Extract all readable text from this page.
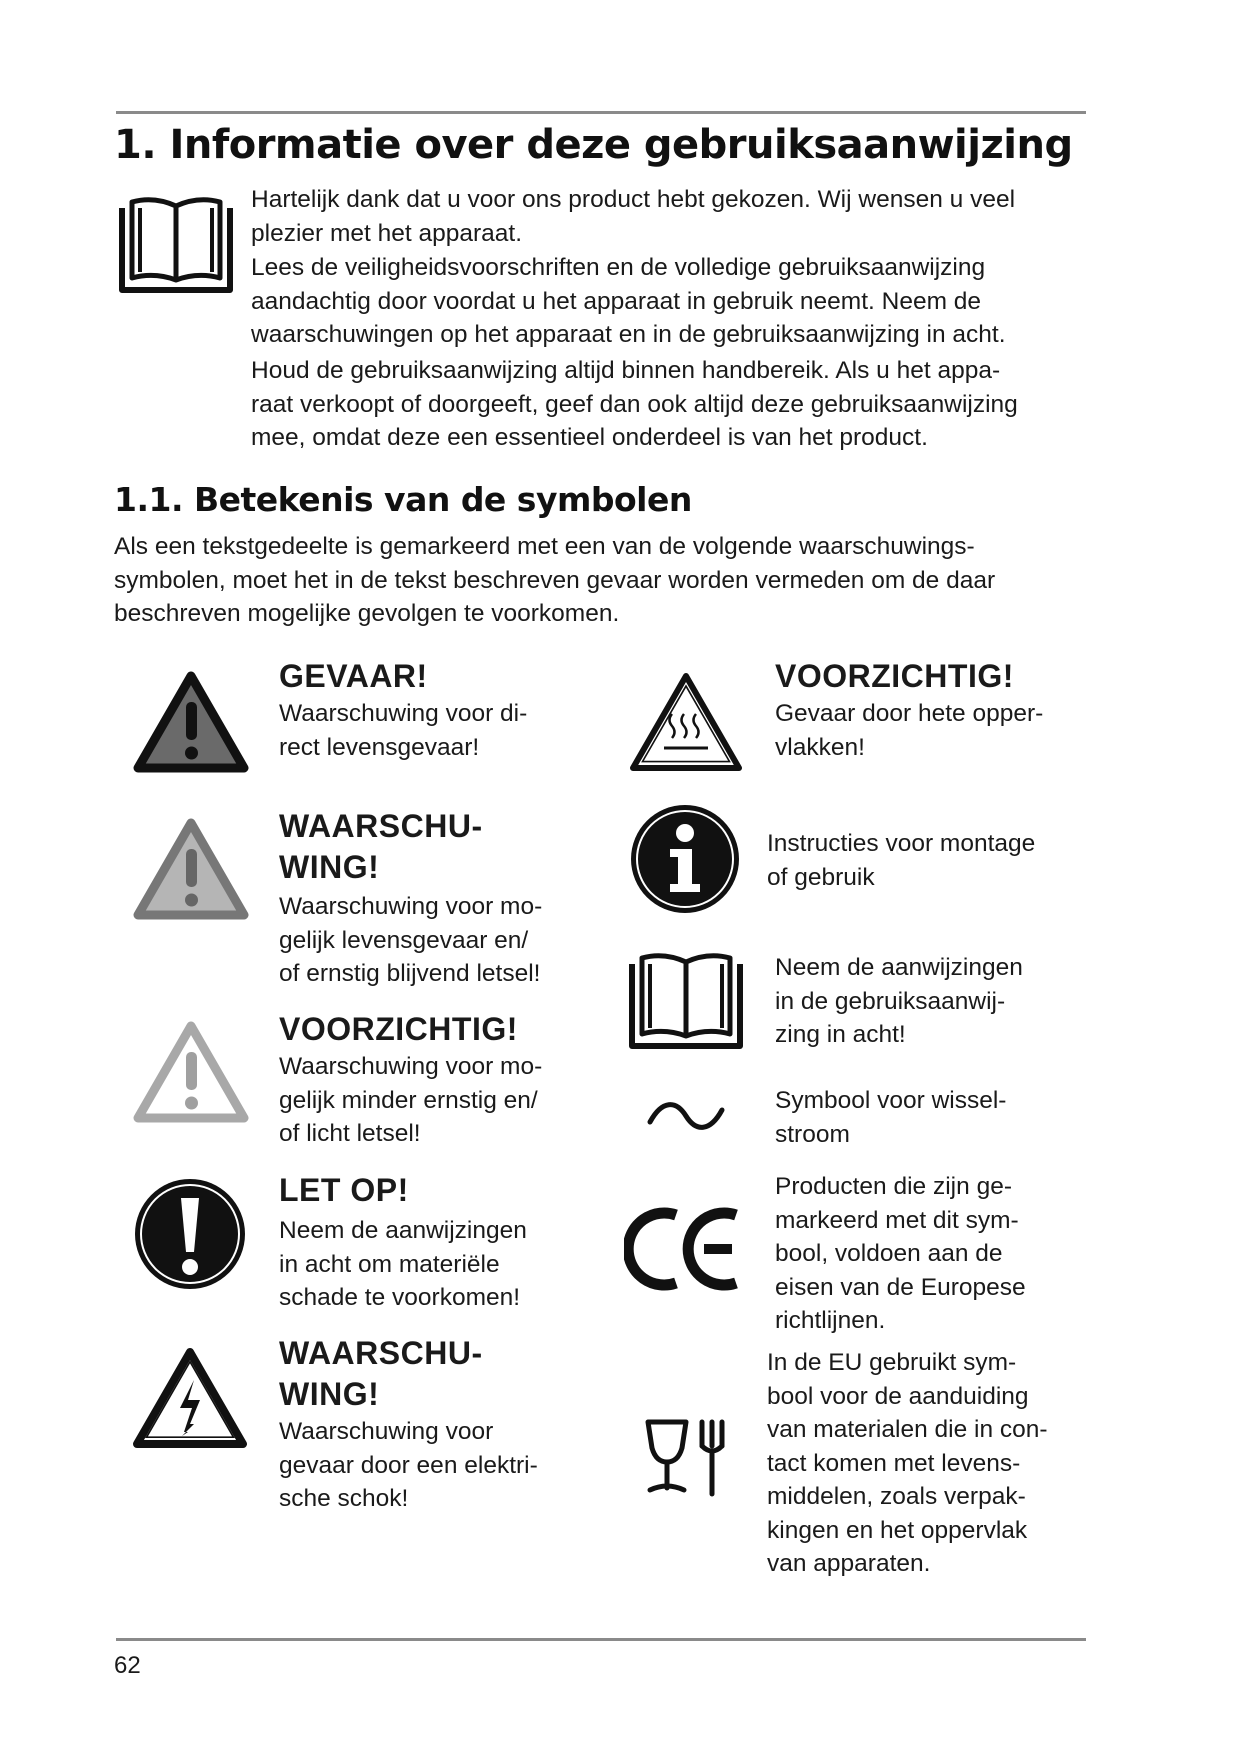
1. Informatie over deze gebruiksaanwijzing

Hartelijk dank dat u voor ons product hebt gekozen. Wij wensen u veel
plezier met het apparaat.

Lees de veiligheidsvoorschriften en de volledige gebruiksaanwijzing
aandachtig door voordat u het apparaat in gebruik neemt. Neem de
waarschuwingen op het apparaat en in de gebruiksaanwijzing in acht.

Houd de gebruiksaanwijzing altijd binnen handbereik. Als u het appa-
raat verkoopt of doorgeeft, geef dan ook altijd deze gebruiksaanwijzing
mee, omdat deze een essentieel onderdeel is van het product.

1.1. Betekenis van de symbolen

Als een tekstgedeelte is gemarkeerd met een van de volgende waarschuwings-
symbolen, moet het in de tekst beschreven gevaar worden vermeden om de daar
beschreven mogelijke gevolgen te voorkomen.

GEVAAR!

Waarschuwing voor di-
rect levensgevaar!

WAARSCHU-
WING!

Waarschuwing voor mo-
gelijk levensgevaar en/
of ernstig blijvend letsel!

VOORZICHTIG!

Waarschuwing voor mo-
gelijk minder ernstig en/
of licht letsel!

LET OP!

Neem de aanwijzingen
in acht om materiële
schade te voorkomen!

WAARSCHU-
WING!

Waarschuwing voor
gevaar door een elektri-
sche schok!

VOORZICHTIG!

Gevaar door hete opper-
vlakken!

Instructies voor montage
of gebruik

Neem de aanwijzingen
in de gebruiksaanwij-
zing in acht!

Symbool voor wissel-
stroom

Producten die zijn ge-
markeerd met dit sym-
bool, voldoen aan de
eisen van de Europese
richtlijnen.

In de EU gebruikt sym-
bool voor de aanduiding
van materialen die in con-
tact komen met levens-
middelen, zoals verpak-
kingen en het oppervlak
van apparaten.

62
